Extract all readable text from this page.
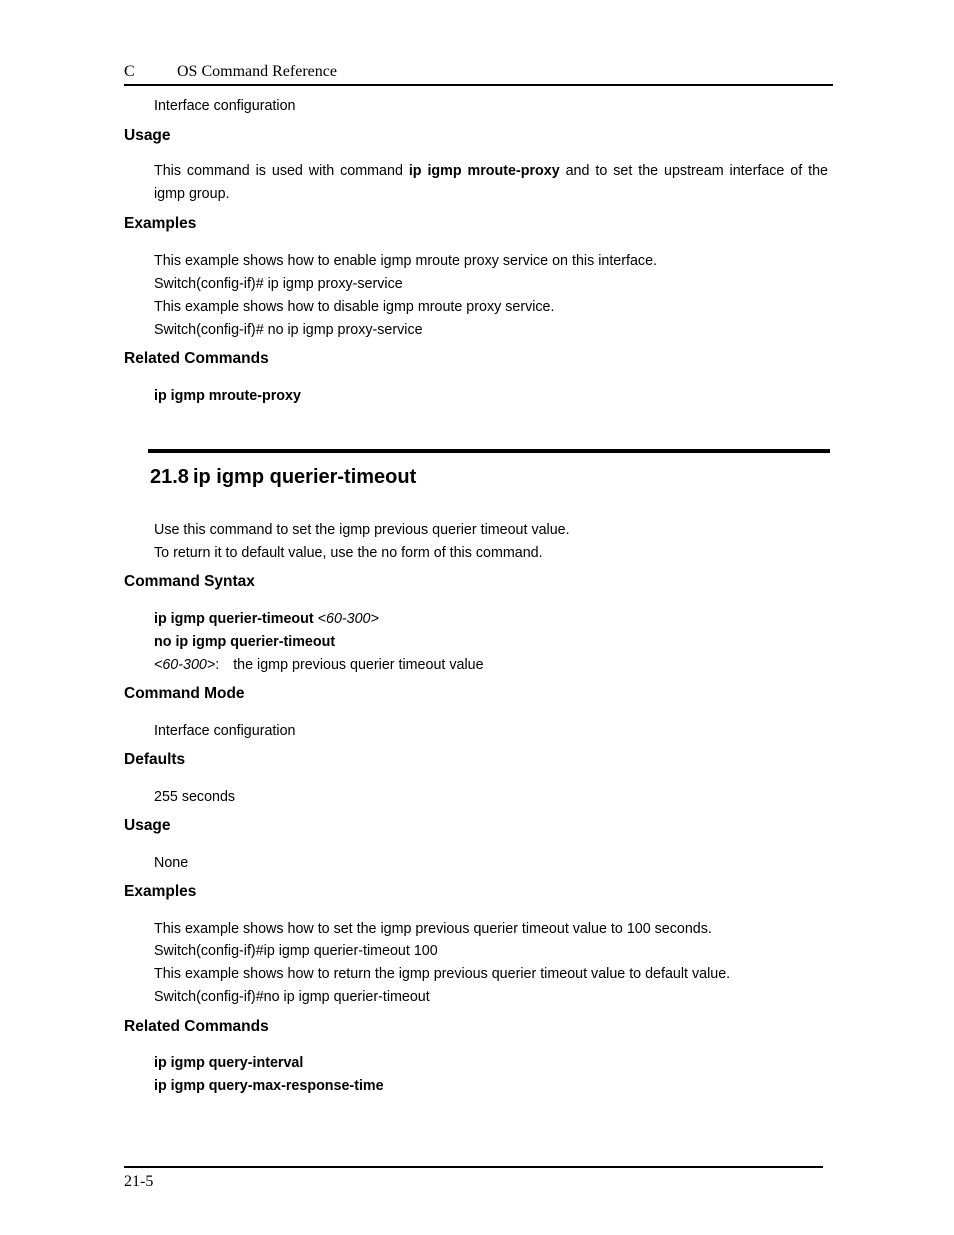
C	OS Command Reference
Interface configuration
Usage
This command is used with command ip igmp mroute-proxy and to set the upstream interface of the igmp group.
Examples
This example shows how to enable igmp mroute proxy service on this interface.
Switch(config-if)# ip igmp proxy-service
This example shows how to disable igmp mroute proxy service.
Switch(config-if)# no ip igmp proxy-service
Related Commands
ip igmp mroute-proxy
21.8 ip igmp querier-timeout
Use this command to set the igmp previous querier timeout value.
To return it to default value, use the no form of this command.
Command Syntax
ip igmp querier-timeout <60-300>
no ip igmp querier-timeout
<60-300>: the igmp previous querier timeout value
Command Mode
Interface configuration
Defaults
255 seconds
Usage
None
Examples
This example shows how to set the igmp previous querier timeout value to 100 seconds.
Switch(config-if)#ip igmp querier-timeout 100
This example shows how to return the igmp previous querier timeout value to default value.
Switch(config-if)#no ip igmp querier-timeout
Related Commands
ip igmp query-interval
ip igmp query-max-response-time
21-5
